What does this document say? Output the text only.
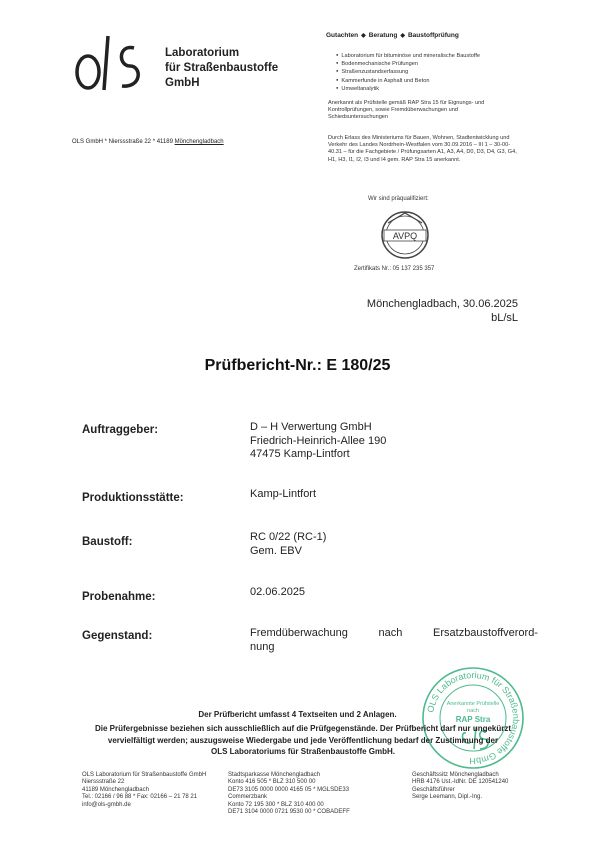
Laboratorium
für Straßenbaustoffe
GmbH
OLS GmbH * Nierssstraße 22 * 41189 Mönchengladbach
Gutachten ◆ Beratung ◆ Baustoffprüfung
● Laboratorium für bituminöse und mineralische Baustoffe
● Bodenmechanische Prüfungen
● Straßenzustandserfassung
● Kammerfunde in Asphalt und Beton
● Umweltanalytik
Anerkannt als Prüfstelle gemäß RAP Stra 15 für Eignungs- und Kontrollprüfungen, sowie Fremdüberwachungen und Schiedsuntersuchungen
Durch Erlass des Ministeriums für Bauen, Wohnen, Stadtentwicklung und Verkehr des Landes Nordrhein-Westfalen vom 30.09.2016 – III 1 – 30-00-40.31 – für die Fachgebiete / Prüfungsarten A1, A3, A4, D0, D3, D4, G3, G4, H1, H3, I1, I2, I3 und I4 gem. RAP Stra 15 anerkannt.
Wir sind präqualifiziert:
AVPQ
Zertifikats Nr.: 05 137 235 357
Mönchengladbach, 30.06.2025
bL/sL
Prüfbericht-Nr.: E 180/25
Auftraggeber:	D – H Verwertung GmbH
Friedrich-Heinrich-Allee 190
47475 Kamp-Lintfort
Produktionsstätte:	Kamp-Lintfort
Baustoff:	RC 0/22 (RC-1)
Gem. EBV
Probenahme:	02.06.2025
Gegenstand:	Fremdüberwachung	nach	Ersatzbaustoffverord-
nung
OLS Laboratorium für Straßenbaustoffe GmbH
Anerkannte Prüfstelle
nach
RAP Stra
Der Prüfbericht umfasst 4 Textseiten und 2 Anlagen.
Die Prüfergebnisse beziehen sich ausschließlich auf die Prüfgegenstände. Der Prüfbericht darf nur ungekürzt
vervielfältigt werden; auszugsweise Wiedergabe und jede Veröffentlichung bedarf der Zustimmung der
OLS Laboratoriums für Straßenbaustoffe GmbH.
OLS Laboratorium für Straßenbaustoffe GmbH
Nierssstraße 22
41189 Mönchengladbach
Tel.: 02166 / 96 88 * Fax: 02166 – 21 78 21
info@ols-gmbh.de
Stadtsparkasse Mönchengladbach
Konto 416 505 * BLZ 310 500 00
DE73 3105 0000 0000 4165 05 * MGLSDE33
Commerzbank
Konto 72 195 300 * BLZ 310 400 00
DE71 3104 0000 0721 9530 00 * COBADEFF
Geschäftssitz Mönchengladbach
HRB 4176 Ust.-IdNr. DE 120541240
Geschäftsführer
Serge Leemann, Dipl.-Ing.
